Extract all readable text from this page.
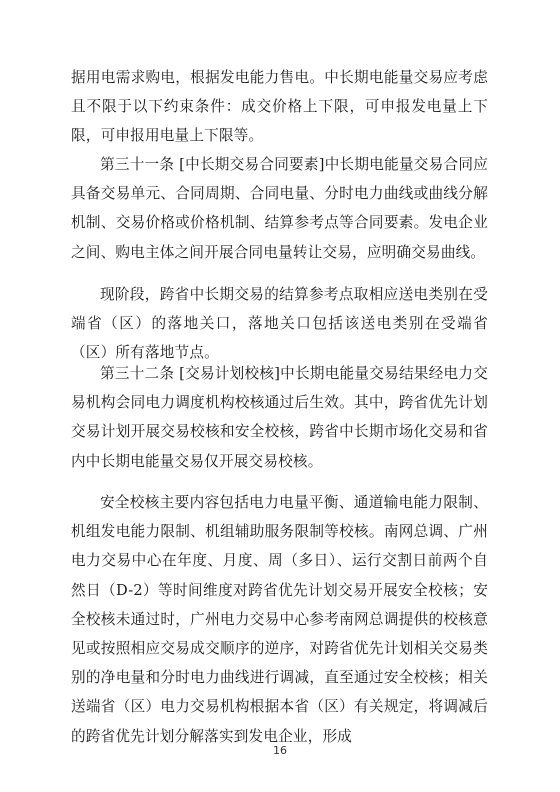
据用电需求购电，根据发电能力售电。中长期电能量交易应考虑且不限于以下约束条件：成交价格上下限，可申报发电量上下限，可申报用电量上下限等。

第三十一条 [中长期交易合同要素]中长期电能量交易合同应具备交易单元、合同周期、合同电量、分时电力曲线或曲线分解机制、交易价格或价格机制、结算参考点等合同要素。发电企业之间、购电主体之间开展合同电量转让交易，应明确交易曲线。

现阶段，跨省中长期交易的结算参考点取相应送电类别在受端省（区）的落地关口，落地关口包括该送电类别在受端省（区）所有落地节点。

第三十二条 [交易计划校核]中长期电能量交易结果经电力交易机构会同电力调度机构校核通过后生效。其中，跨省优先计划交易计划开展交易校核和安全校核，跨省中长期市场化交易和省内中长期电能量交易仅开展交易校核。

安全校核主要内容包括电力电量平衡、通道输电能力限制、机组发电能力限制、机组辅助服务限制等校核。南网总调、广州电力交易中心在年度、月度、周（多日）、运行交割日前两个自然日（D-2）等时间维度对跨省优先计划交易开展安全校核；安全校核未通过时，广州电力交易中心参考南网总调提供的校核意见或按照相应交易成交顺序的逆序，对跨省优先计划相关交易类别的净电量和分时电力曲线进行调减，直至通过安全校核；相关送端省（区）电力交易机构根据本省（区）有关规定，将调减后的跨省优先计划分解落实到发电企业，形成

16
